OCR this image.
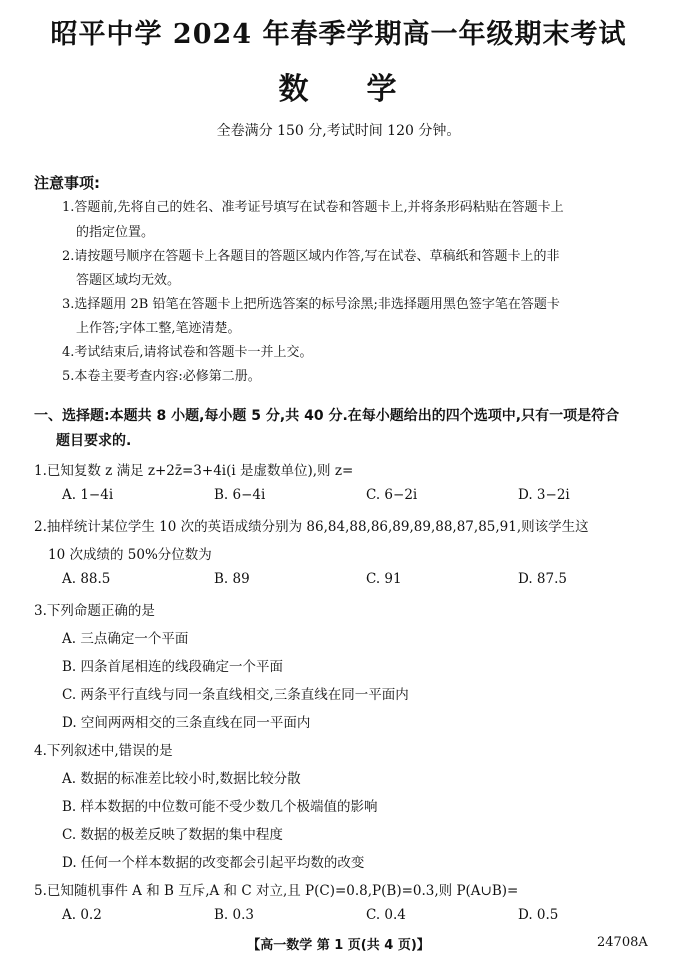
昭平中学 2024 年春季学期高一年级期末考试
数 学
全卷满分 150 分,考试时间 120 分钟。
注意事项:
1.答题前,先将自己的姓名、准考证号填写在试卷和答题卡上,并将条形码粘贴在答题卡上
的指定位置。
2.请按题号顺序在答题卡上各题目的答题区域内作答,写在试卷、草稿纸和答题卡上的非
答题区域均无效。
3.选择题用 2B 铅笔在答题卡上把所选答案的标号涂黑;非选择题用黑色签字笔在答题卡
上作答;字体工整,笔迹清楚。
4.考试结束后,请将试卷和答题卡一并上交。
5.本卷主要考查内容:必修第二册。
一、选择题:本题共 8 小题,每小题 5 分,共 40 分.在每小题给出的四个选项中,只有一项是符合
题目要求的.
1.已知复数 z 满足 z+2z̄=3+4i(i 是虚数单位),则 z=
A. 1−4i	B. 6−4i	C. 6−2i	D. 3−2i
2.抽样统计某位学生 10 次的英语成绩分别为 86,84,88,86,89,89,88,87,85,91,则该学生这
10 次成绩的 50%分位数为
A. 88.5	B. 89	C. 91	D. 87.5
3.下列命题正确的是
A. 三点确定一个平面
B. 四条首尾相连的线段确定一个平面
C. 两条平行直线与同一条直线相交,三条直线在同一平面内
D. 空间两两相交的三条直线在同一平面内
4.下列叙述中,错误的是
A. 数据的标准差比较小时,数据比较分散
B. 样本数据的中位数可能不受少数几个极端值的影响
C. 数据的极差反映了数据的集中程度
D. 任何一个样本数据的改变都会引起平均数的改变
5.已知随机事件 A 和 B 互斥,A 和 C 对立,且 P(C)=0.8,P(B)=0.3,则 P(A∪B)=
A. 0.2	B. 0.3	C. 0.4	D. 0.5
【高一数学 第 1 页(共 4 页)】	24708A
